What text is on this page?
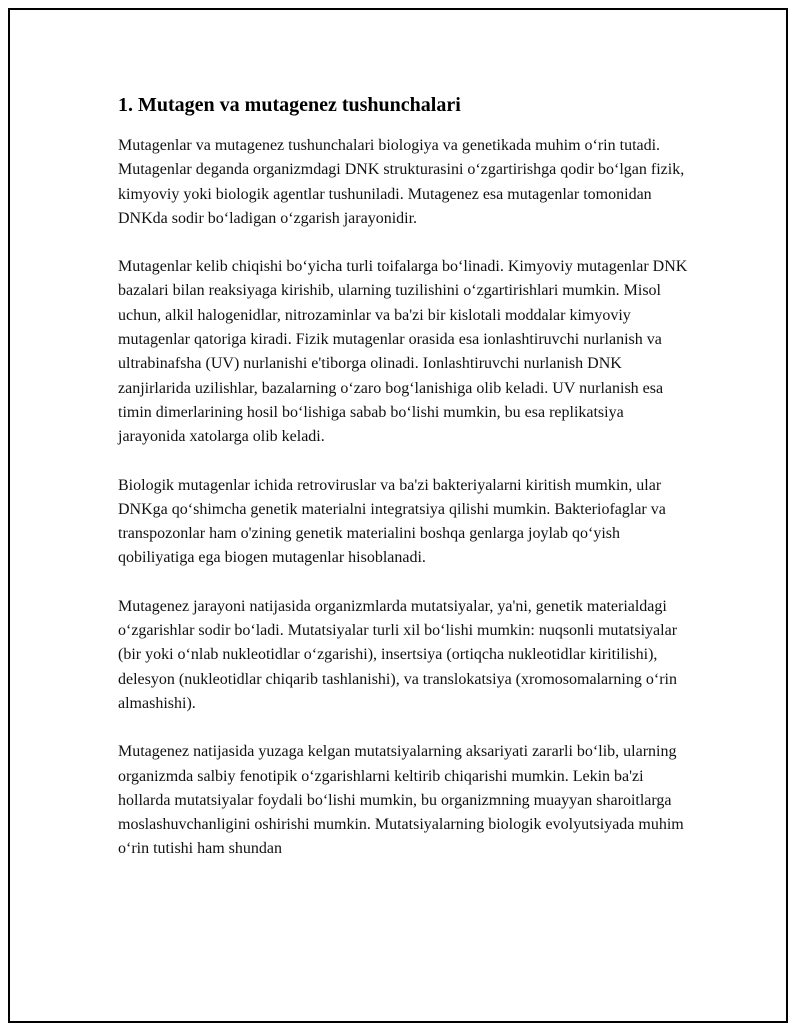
1. Mutagen va mutagenez tushunchalari

Mutagenlar va mutagenez tushunchalari biologiya va genetikada muhim oʻrin tutadi. Mutagenlar deganda organizmdagi DNK strukturasini oʻzgartirishga qodir boʻlgan fizik, kimyoviy yoki biologik agentlar tushuniladi. Mutagenez esa mutagenlar tomonidan DNKda sodir boʻladigan oʻzgarish jarayonidir.

Mutagenlar kelib chiqishi boʻyicha turli toifalarga boʻlinadi. Kimyoviy mutagenlar DNK bazalari bilan reaksiyaga kirishib, ularning tuzilishini oʻzgartirishlari mumkin. Misol uchun, alkil halogenidlar, nitrozaminlar va ba'zi bir kislotali moddalar kimyoviy mutagenlar qatoriga kiradi. Fizik mutagenlar orasida esa ionlashtiruvchi nurlanish va ultrabinafsha (UV) nurlanishi e'tiborga olinadi. Ionlashtiruvchi nurlanish DNK zanjirlarida uzilishlar, bazalarning oʻzaro bogʻlanishiga olib keladi. UV nurlanish esa timin dimerlarining hosil boʻlishiga sabab boʻlishi mumkin, bu esa replikatsiya jarayonida xatolarga olib keladi.

Biologik mutagenlar ichida retroviruslar va ba'zi bakteriyalarni kiritish mumkin, ular DNKga qoʻshimcha genetik materialni integratsiya qilishi mumkin. Bakteriofaglar va transpozonlar ham o'zining genetik materialini boshqa genlarga joylab qoʻyish qobiliyatiga ega biogen mutagenlar hisoblanadi.

Mutagenez jarayoni natijasida organizmlarda mutatsiyalar, ya'ni, genetik materialdagi oʻzgarishlar sodir boʻladi. Mutatsiyalar turli xil boʻlishi mumkin: nuqsonli mutatsiyalar (bir yoki oʻnlab nukleotidlar oʻzgarishi), insertsiya (ortiqcha nukleotidlar kiritilishi), delesyon (nukleotidlar chiqarib tashlanishi), va translokatsiya (xromosomalarning oʻrin almashishi).

Mutagenez natijasida yuzaga kelgan mutatsiyalarning aksariyati zararli boʻlib, ularning organizmda salbiy fenotipik oʻzgarishlarni keltirib chiqarishi mumkin. Lekin ba'zi hollarda mutatsiyalar foydali boʻlishi mumkin, bu organizmning muayyan sharoitlarga moslashuvchanligini oshirishi mumkin. Mutatsiyalarning biologik evolyutsiyada muhim oʻrin tutishi ham shundan
